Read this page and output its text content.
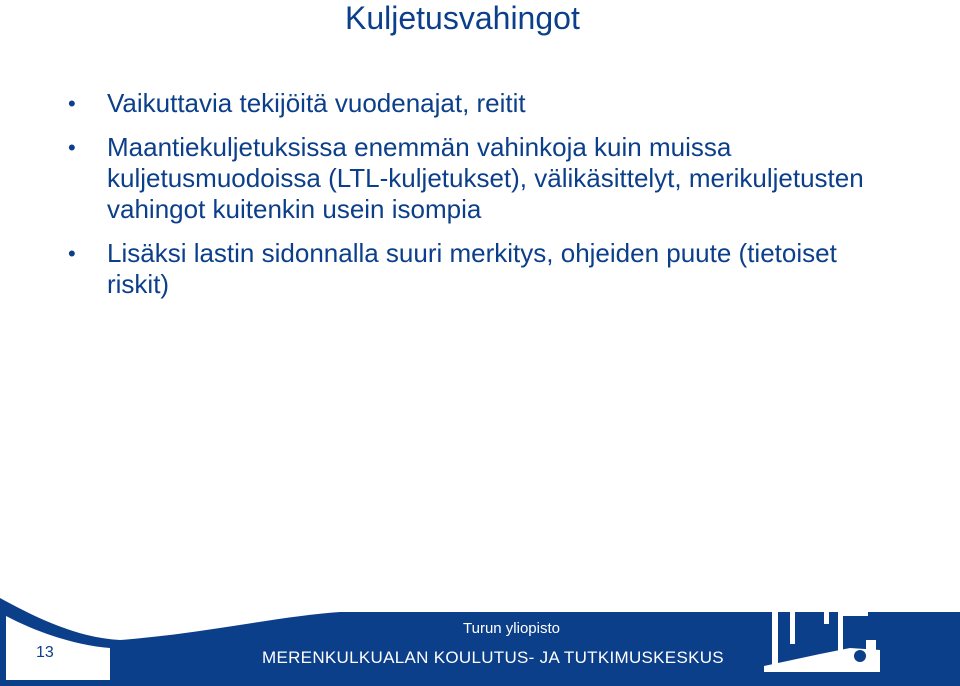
Kuljetusvahingot
• Vaikuttavia tekijöitä vuodenajat, reitit
• Maantiekuljetuksissa enemmän vahinkoja kuin muissa kuljetusmuodoissa (LTL-kuljetukset), välikäsittelyt, merikuljetusten vahingot kuitenkin usein isompia
• Lisäksi lastin sidonnalla suuri merkitys, ohjeiden puute (tietoiset riskit)
13
Turun yliopisto
MERENKULKUALAN KOULUTUS- JA TUTKIMUSKESKUS
